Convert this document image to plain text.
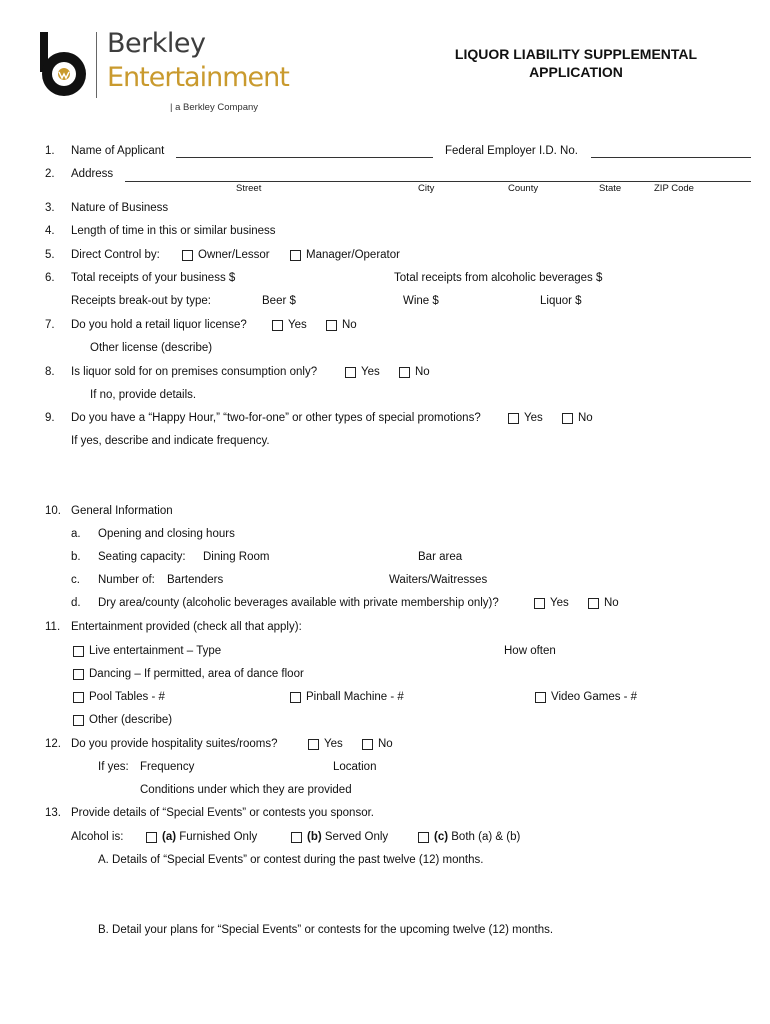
Berkley
Entertainment
| a Berkley Company
LIQUOR LIABILITY SUPPLEMENTAL
APPLICATION
1. Name of Applicant	Federal Employer I.D. No.
2. Address
Street	City	County	State	ZIP Code
3. Nature of Business
4. Length of time in this or similar business
5. Direct Control by:	Owner/Lessor	Manager/Operator
6. Total receipts of your business $	Total receipts from alcoholic beverages $
Receipts break-out by type:	Beer $	Wine $	Liquor $
7. Do you hold a retail liquor license?	Yes	No
Other license (describe)
8. Is liquor sold for on premises consumption only?	Yes	No
If no, provide details.
9. Do you have a “Happy Hour,” “two-for-one” or other types of special promotions?	Yes	No
If yes, describe and indicate frequency.
10. General Information
a. Opening and closing hours
b. Seating capacity: Dining Room	Bar area
c. Number of: Bartenders	Waiters/Waitresses
d. Dry area/county (alcoholic beverages available with private membership only)?	Yes	No
11. Entertainment provided (check all that apply):
Live entertainment – Type	How often
Dancing – If permitted, area of dance floor
Pool Tables - #	Pinball Machine - #	Video Games - #
Other (describe)
12. Do you provide hospitality suites/rooms?	Yes	No
If yes: Frequency	Location
Conditions under which they are provided
13. Provide details of “Special Events” or contests you sponsor.
Alcohol is:	(a) Furnished Only	(b) Served Only	(c) Both (a) & (b)
A. Details of “Special Events” or contest during the past twelve (12) months.
B. Detail your plans for “Special Events” or contests for the upcoming twelve (12) months.
